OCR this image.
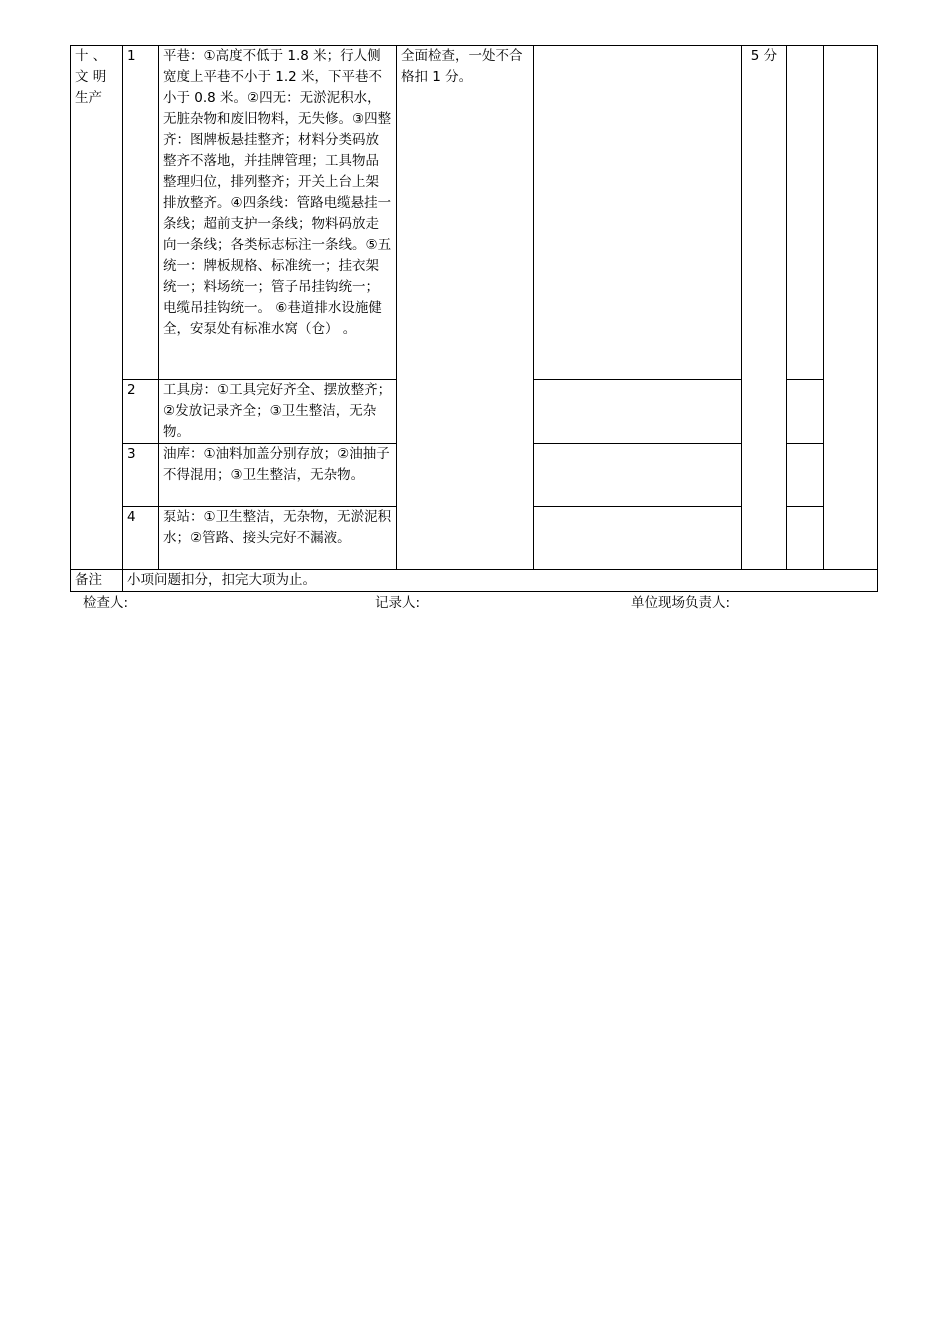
十 、 文 明 生产	1	平巷：①高度不低于 1.8 米；行人侧宽度上平巷不小于 1.2 米，下平巷不小于 0.8 米。②四无：无淤泥积水， 无脏杂物和废旧物料，无失修。③四整齐：图牌板悬挂整齐；材料分类码放整齐不落地，并挂牌管理；工具物品整理归位，排列整齐；开关上台上架排放整齐。④四条线：管路电缆悬挂一条线；超前支护一条线；物料码放走向一条线；各类标志标注一条线。⑤五统一：牌板规格、标准统一；挂衣架统一；料场统一；管子吊挂钩统一；电缆吊挂钩统一。 ⑥巷道排水设施健全，安泵处有标准水窝（仓） 。	全面检查，一处不合格扣 1 分。		5 分		
	2	工具房：①工具完好齐全、摆放整齐；②发放记录齐全；③卫生整洁，无杂物。					
	3	油库：①油料加盖分别存放；②油抽子不得混用；③卫生整洁，无杂物。					
	4	泵站：①卫生整洁，无杂物，无淤泥积水；②管路、接头完好不漏液。					
备注	小项问题扣分，扣完大项为止。						
检查人:	记录人:	单位现场负责人:
